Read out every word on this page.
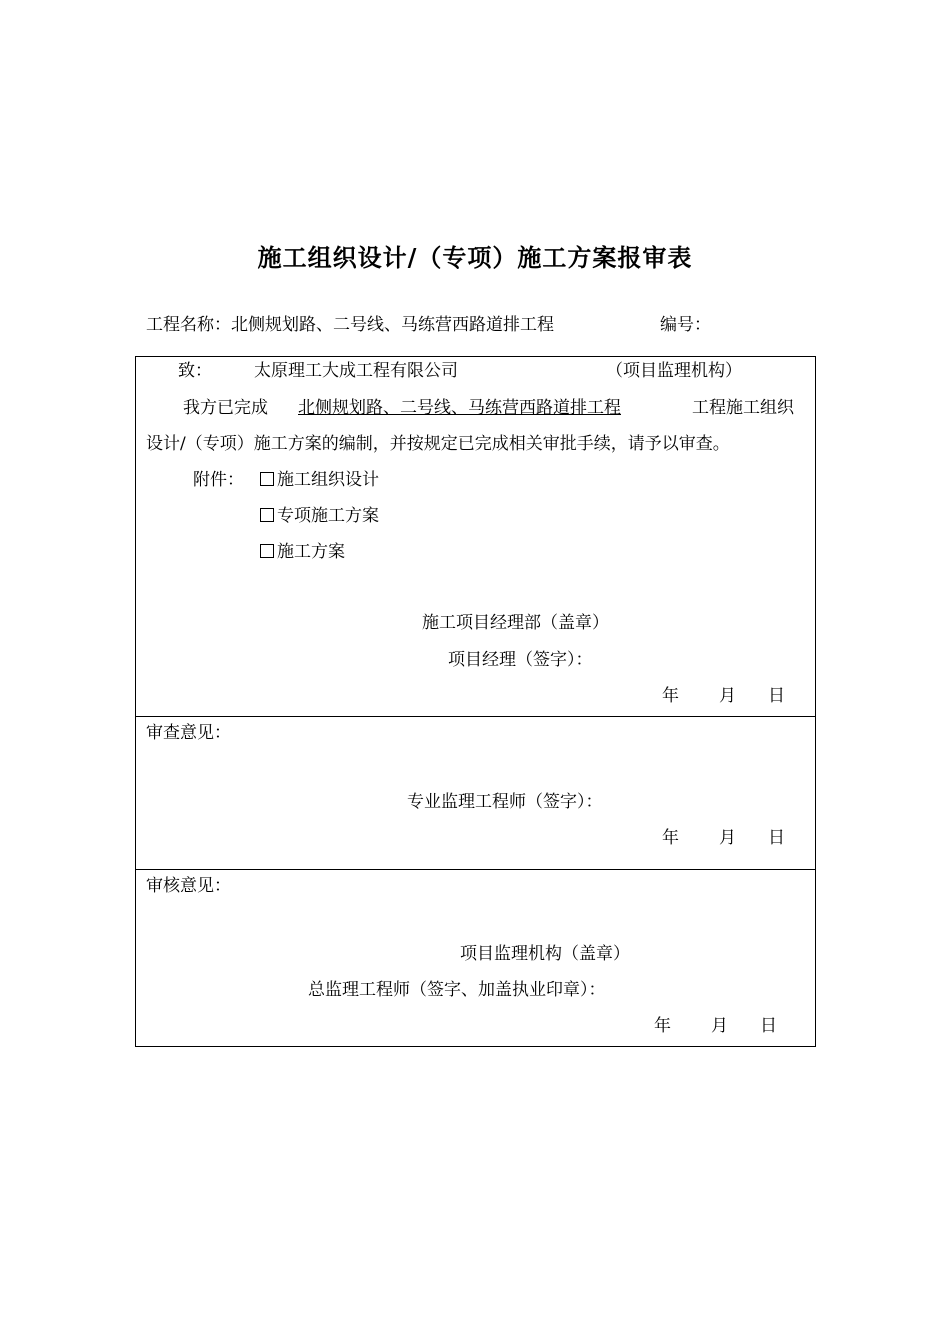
施工组织设计/（专项）施工方案报审表
工程名称：北侧规划路、二号线、马练营西路道排工程	编号：
致： 太原理工大成工程有限公司	（项目监理机构）
我方已完成 北侧规划路、二号线、马练营西路道排工程	工程施工组织
设计/（专项）施工方案的编制，并按规定已完成相关审批手续，请予以审查。
附件：	施工组织设计
专项施工方案
施工方案
施工项目经理部（盖章）
项目经理（签字）：
年 月 日
审查意见：
专业监理工程师（签字）：
年 月 日
审核意见：
项目监理机构（盖章）
总监理工程师（签字、加盖执业印章）：
年 月 日
